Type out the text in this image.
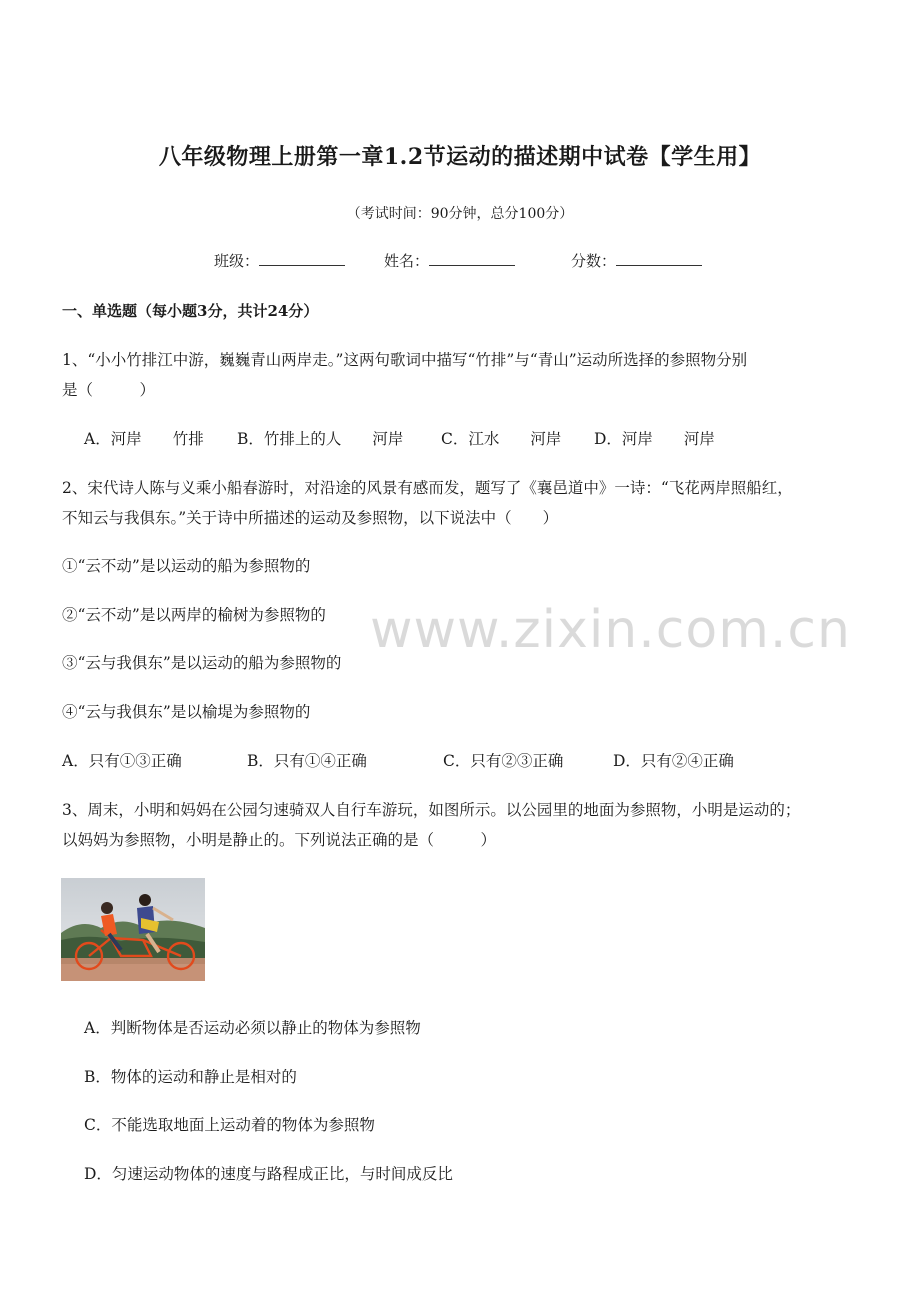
八年级物理上册第一章1.2节运动的描述期中试卷【学生用】
（考试时间：90分钟，总分100分）
班级：	姓名：	分数：
一、单选题（每小题3分，共计24分）
1、“小小竹排江中游，巍巍青山两岸走。”这两句歌词中描写“竹排”与“青山”运动所选择的参照物分别
是（　　　）
A．河岸　　竹排 B．竹排上的人　　河岸 C．江水　　河岸 D．河岸　　河岸
2、宋代诗人陈与义乘小船春游时，对沿途的风景有感而发，题写了《襄邑道中》一诗：“飞花两岸照船红，
不知云与我俱东。”关于诗中所描述的运动及参照物，以下说法中（　　）
①“云不动”是以运动的船为参照物的
②“云不动”是以两岸的榆树为参照物的
③“云与我俱东”是以运动的船为参照物的
④“云与我俱东”是以榆堤为参照物的
A．只有①③正确	B．只有①④正确	C．只有②③正确	D．只有②④正确
3、周末，小明和妈妈在公园匀速骑双人自行车游玩，如图所示。以公园里的地面为参照物，小明是运动的；
以妈妈为参照物，小明是静止的。下列说法正确的是（　　　）
A．判断物体是否运动必须以静止的物体为参照物
B．物体的运动和静止是相对的
C．不能选取地面上运动着的物体为参照物
D．匀速运动物体的速度与路程成正比，与时间成反比
www.zixin.com.cn
